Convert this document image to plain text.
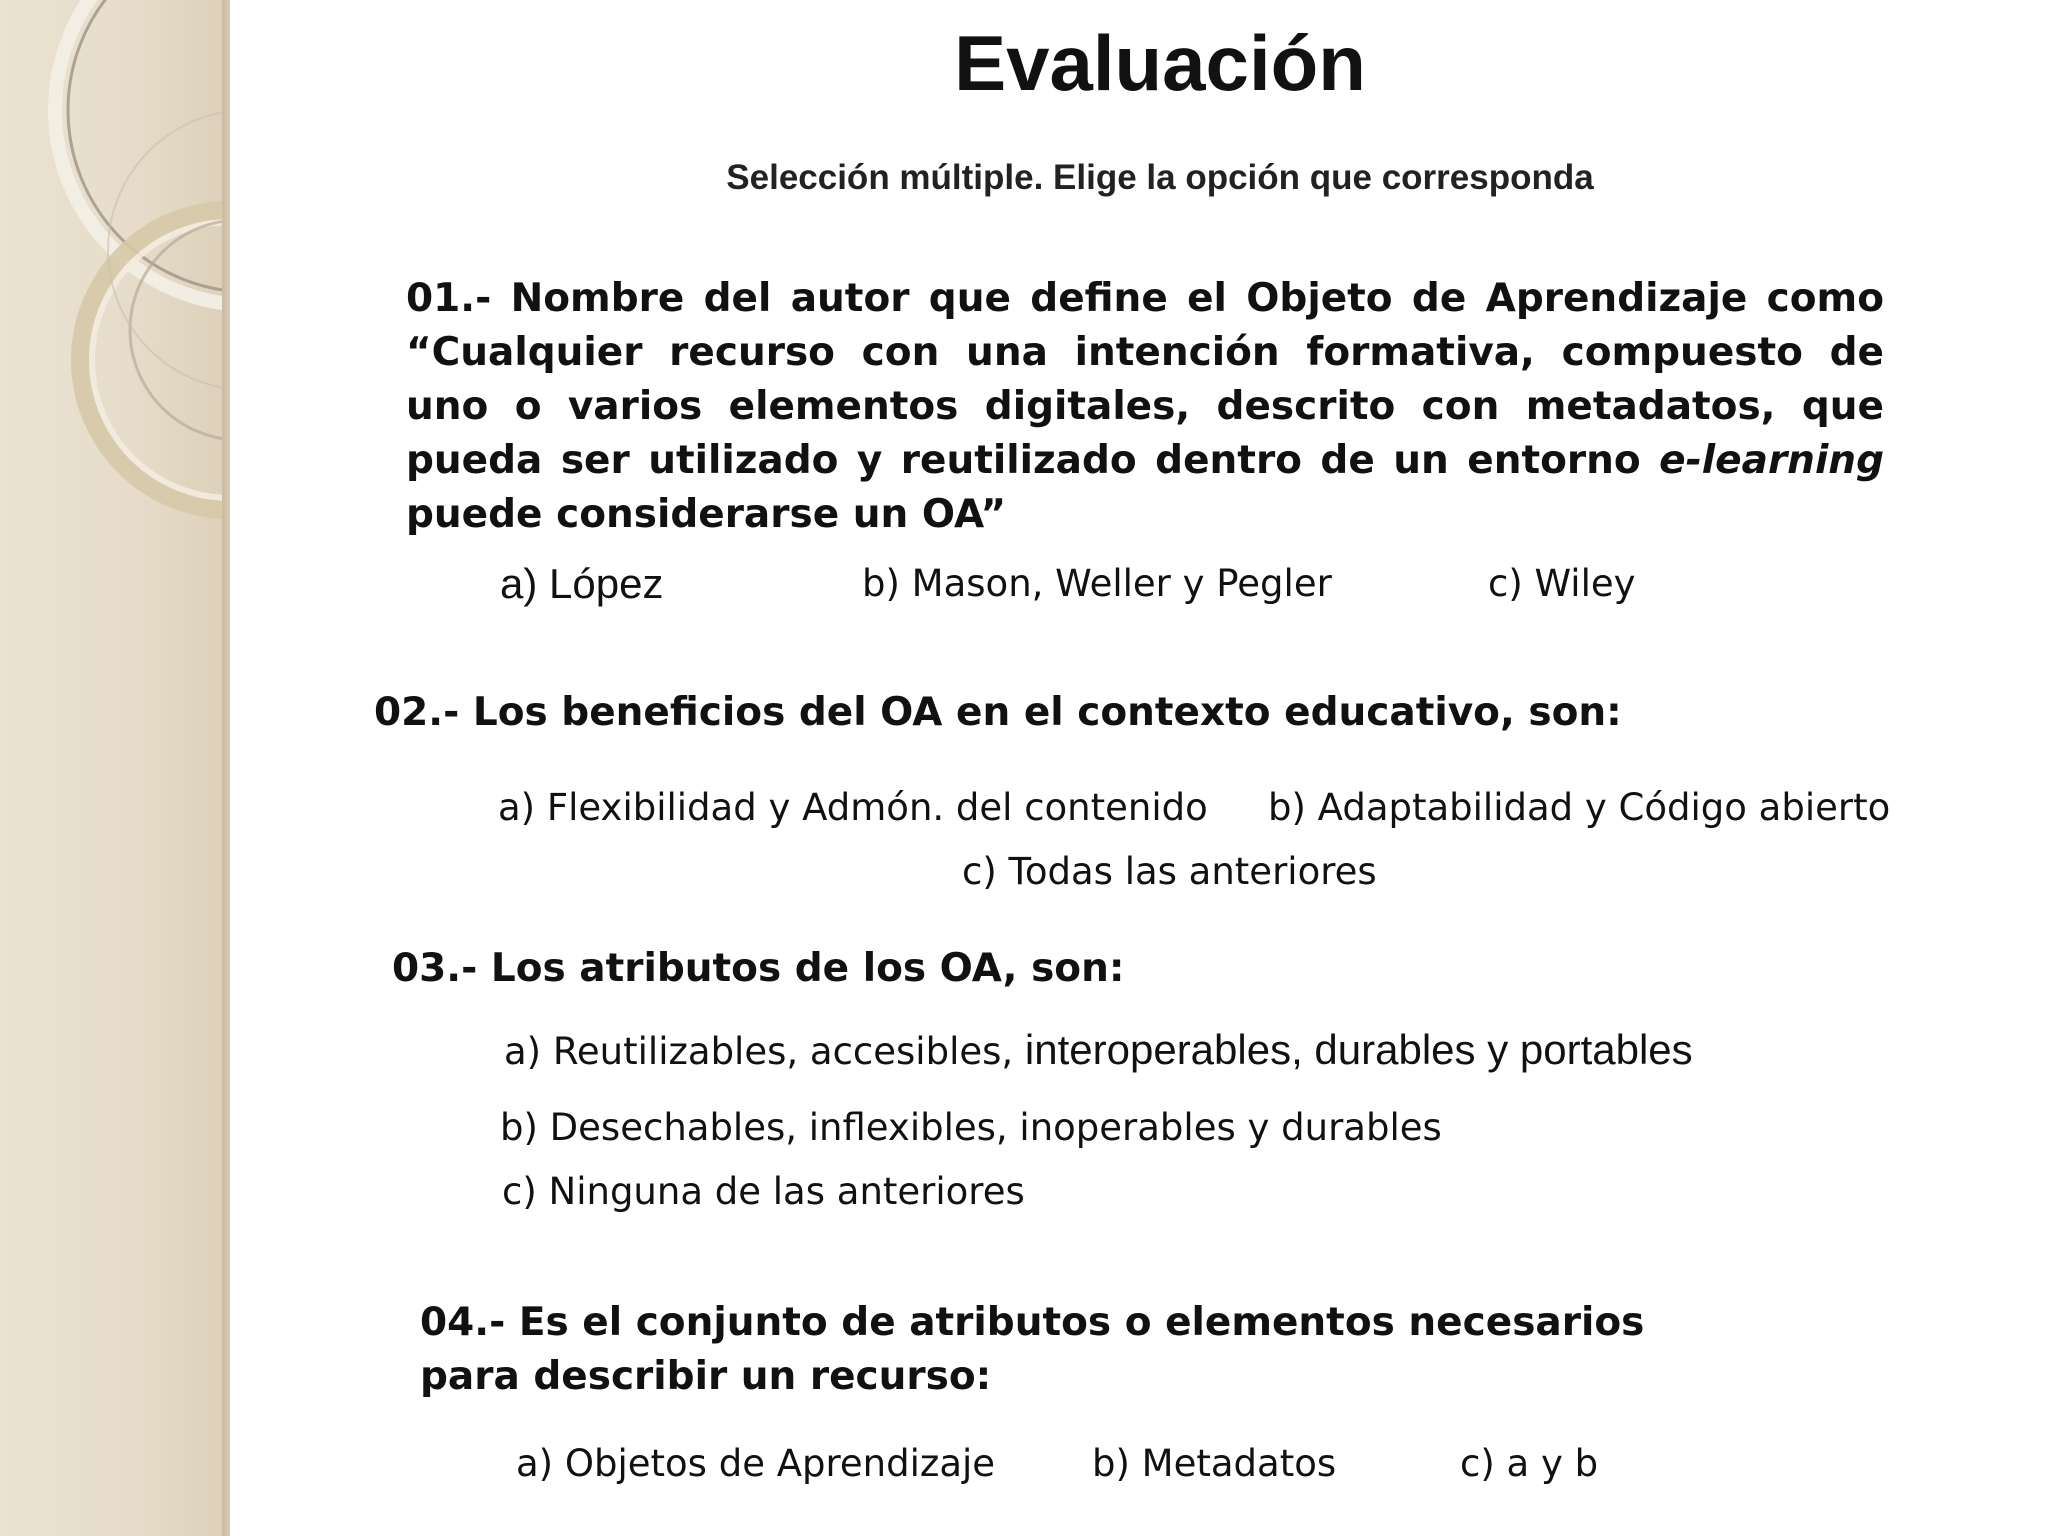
Evaluación

Selección múltiple. Elige la opción que corresponda

01.- Nombre del autor que define el Objeto de Aprendizaje como “Cualquier recurso con una intención formativa, compuesto de uno o varios elementos digitales, descrito con metadatos, que pueda ser utilizado y reutilizado dentro de un entorno e-learning puede considerarse un OA”

a) López	b) Mason, Weller y Pegler	c) Wiley

02.- Los beneficios del OA en el contexto educativo, son:

a) Flexibilidad y Admón. del contenido b) Adaptabilidad y Código abierto

c) Todas las anteriores

03.- Los atributos de los OA, son:

a) Reutilizables, accesibles, interoperables, durables y portables

b) Desechables, inflexibles, inoperables y durables

c) Ninguna de las anteriores

04.- Es el conjunto de atributos o elementos necesarios para describir un recurso:

a) Objetos de Aprendizaje	b) Metadatos	c) a y b
